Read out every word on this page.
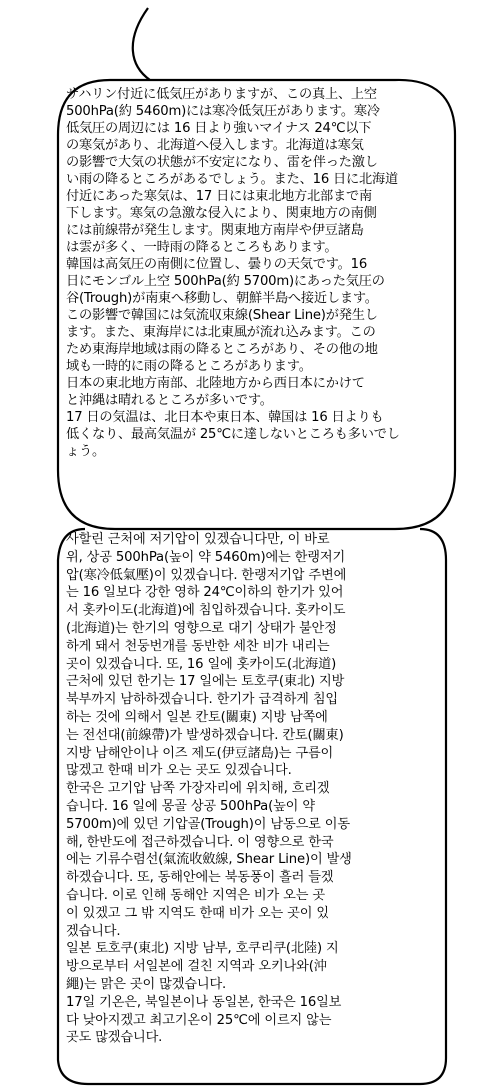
サハリン付近に低気圧がありますが、この真上、上空
500hPa(約 5460m)には寒冷低気圧があります。寒冷
低気圧の周辺には 16 日より強いマイナス 24℃以下
の寒気があり、北海道へ侵入します。北海道は寒気
の影響で大気の状態が不安定になり、雷を伴った激し
い雨の降るところがあるでしょう。また、16 日に北海道
付近にあった寒気は、17 日には東北地方北部まで南
下します。寒気の急激な侵入により、関東地方の南側
には前線帯が発生します。関東地方南岸や伊豆諸島
は雲が多く、一時雨の降るところもあります。

韓国は高気圧の南側に位置し、曇りの天気です。16
日にモンゴル上空 500hPa(約 5700m)にあった気圧の
谷(Trough)が南東へ移動し、朝鮮半島へ接近します。
この影響で韓国には気流収束線(Shear Line)が発生し
ます。また、東海岸には北東風が流れ込みます。この
ため東海岸地域は雨の降るところがあり、その他の地
域も一時的に雨の降るところがあります。

日本の東北地方南部、北陸地方から西日本にかけて
と沖縄は晴れるところが多いです。

17 日の気温は、北日本や東日本、韓国は 16 日よりも
低くなり、最高気温が 25℃に達しないところも多いでし
ょう。

사할린 근처에 저기압이 있겠습니다만, 이 바로
위, 상공 500hPa(높이 약 5460m)에는 한랭저기
압(寒冷低氣壓)이 있겠습니다. 한랭저기압 주변에
는 16 일보다 강한 영하 24℃이하의 한기가 있어
서 홋카이도(北海道)에 침입하겠습니다. 홋카이도
(北海道)는 한기의 영향으로 대기 상태가 불안정
하게 돼서 천둥번개를 동반한 세찬 비가 내리는
곳이 있겠습니다. 또, 16 일에 홋카이도(北海道)
근처에 있던 한기는 17 일에는 토호쿠(東北) 지방
북부까지 남하하겠습니다. 한기가 급격하게 침입
하는 것에 의해서 일본 칸토(關東) 지방 남쪽에
는 전선대(前線帶)가 발생하겠습니다. 칸토(關東)
지방 남해안이나 이즈 제도(伊豆諸島)는 구름이
많겠고 한때 비가 오는 곳도 있겠습니다.

한국은 고기압 남쪽 가장자리에 위치해, 흐리겠
습니다. 16 일에 몽골 상공 500hPa(높이 약
5700m)에 있던 기압골(Trough)이 남동으로 이동
해, 한반도에 접근하겠습니다. 이 영향으로 한국
에는 기류수렴선(氣流收斂線, Shear Line)이 발생
하겠습니다. 또, 동해안에는 북동풍이 흘러 들겠
습니다. 이로 인해 동해안 지역은 비가 오는 곳
이 있겠고 그 밖 지역도 한때 비가 오는 곳이 있
겠습니다.

일본 토호쿠(東北) 지방 남부, 호쿠리쿠(北陸) 지
방으로부터 서일본에 걸친 지역과 오키나와(沖
繩)는 맑은 곳이 많겠습니다.

17일 기온은, 북일본이나 동일본, 한국은 16일보
다 낮아지겠고 최고기온이 25℃에 이르지 않는
곳도 많겠습니다.
